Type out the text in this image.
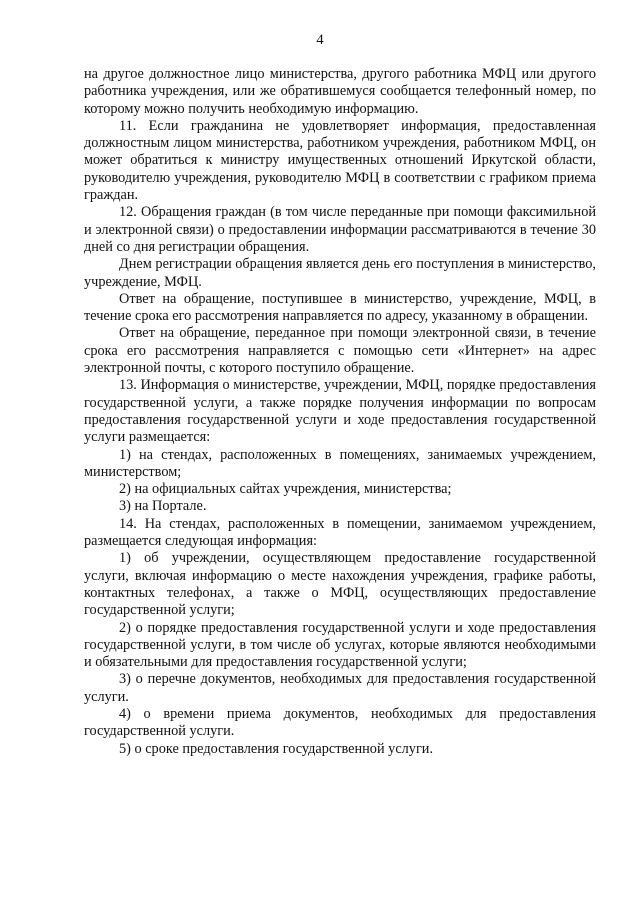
4

на другое должностное лицо министерства, другого работника МФЦ или другого работника учреждения, или же обратившемуся сообщается телефонный номер, по которому можно получить необходимую информацию.

11. Если гражданина не удовлетворяет информация, предоставленная должностным лицом министерства, работником учреждения, работником МФЦ, он может обратиться к министру имущественных отношений Иркутской области, руководителю учреждения, руководителю МФЦ в соответствии с графиком приема граждан.

12. Обращения граждан (в том числе переданные при помощи факсимильной и электронной связи) о предоставлении информации рассматриваются в течение 30 дней со дня регистрации обращения.

Днем регистрации обращения является день его поступления в министерство, учреждение, МФЦ.

Ответ на обращение, поступившее в министерство, учреждение, МФЦ, в течение срока его рассмотрения направляется по адресу, указанному в обращении.

Ответ на обращение, переданное при помощи электронной связи, в течение срока его рассмотрения направляется с помощью сети «Интернет» на адрес электронной почты, с которого поступило обращение.

13. Информация о министерстве, учреждении, МФЦ, порядке предоставления государственной услуги, а также порядке получения информации по вопросам предоставления государственной услуги и ходе предоставления государственной услуги размещается:

1) на стендах, расположенных в помещениях, занимаемых учреждением, министерством;

2) на официальных сайтах учреждения, министерства;

3) на Портале.

14. На стендах, расположенных в помещении, занимаемом учреждением, размещается следующая информация:

1) об учреждении, осуществляющем предоставление государственной услуги, включая информацию о месте нахождения учреждения, графике работы, контактных телефонах, а также о МФЦ, осуществляющих предоставление государственной услуги;

2) о порядке предоставления государственной услуги и ходе предоставления государственной услуги, в том числе об услугах, которые являются необходимыми и обязательными для предоставления государственной услуги;

3) о перечне документов, необходимых для предоставления государственной услуги.

4) о времени приема документов, необходимых для предоставления государственной услуги.

5) о сроке предоставления государственной услуги.
